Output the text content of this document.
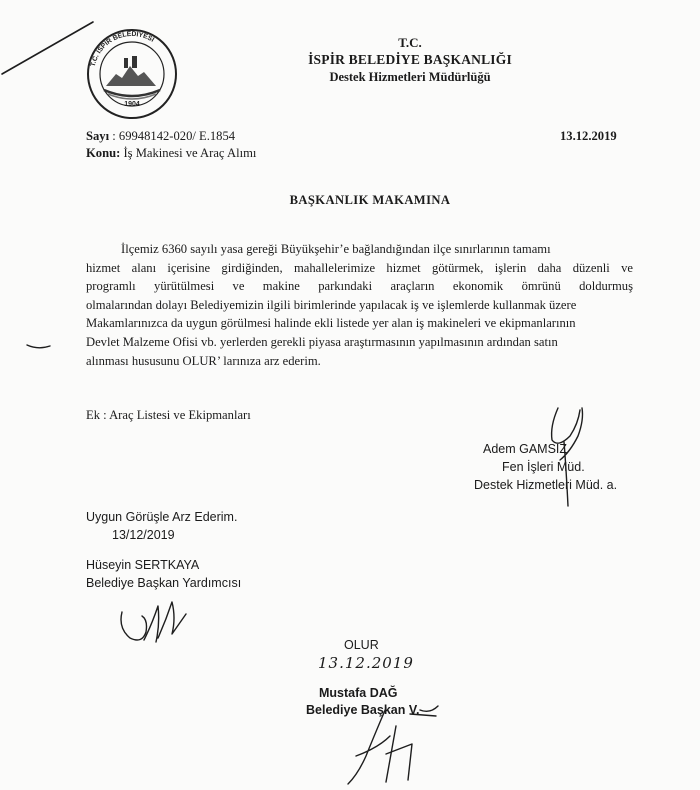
T.C. İSPİR BELEDİYESİ
1904
T.C.
İSPİR BELEDİYE BAŞKANLIĞI
Destek Hizmetleri Müdürlüğü
Sayı : 69948142-020/ E.1854
Konu: İş Makinesi ve Araç Alımı
13.12.2019
BAŞKANLIK MAKAMINA
İlçemiz 6360 sayılı yasa gereği Büyükşehir’e bağlandığından ilçe sınırlarının tamamı
hizmet alanı içerisine girdiğinden, mahallelerimize hizmet götürmek, işlerin daha düzenli ve
programlı yürütülmesi ve makine parkındaki araçların ekonomik ömrünü doldurmuş
olmalarından dolayı Belediyemizin ilgili birimlerinde yapılacak iş ve işlemlerde kullanmak üzere
Makamlarınızca da uygun görülmesi halinde ekli listede yer alan iş makineleri ve ekipmanlarının
Devlet Malzeme Ofisi vb. yerlerden gerekli piyasa araştırmasının yapılmasının ardından satın
alınması hususunu OLUR’ larınıza arz ederim.
Ek : Araç Listesi ve Ekipmanları
Adem GAMSIZ
Fen İşleri Müd.
Destek Hizmetleri Müd. a.
Uygun Görüşle Arz Ederim.
13/12/2019
Hüseyin SERTKAYA
Belediye Başkan Yardımcısı
OLUR
13.12.2019
Mustafa DAĞ
Belediye Başkan V.
